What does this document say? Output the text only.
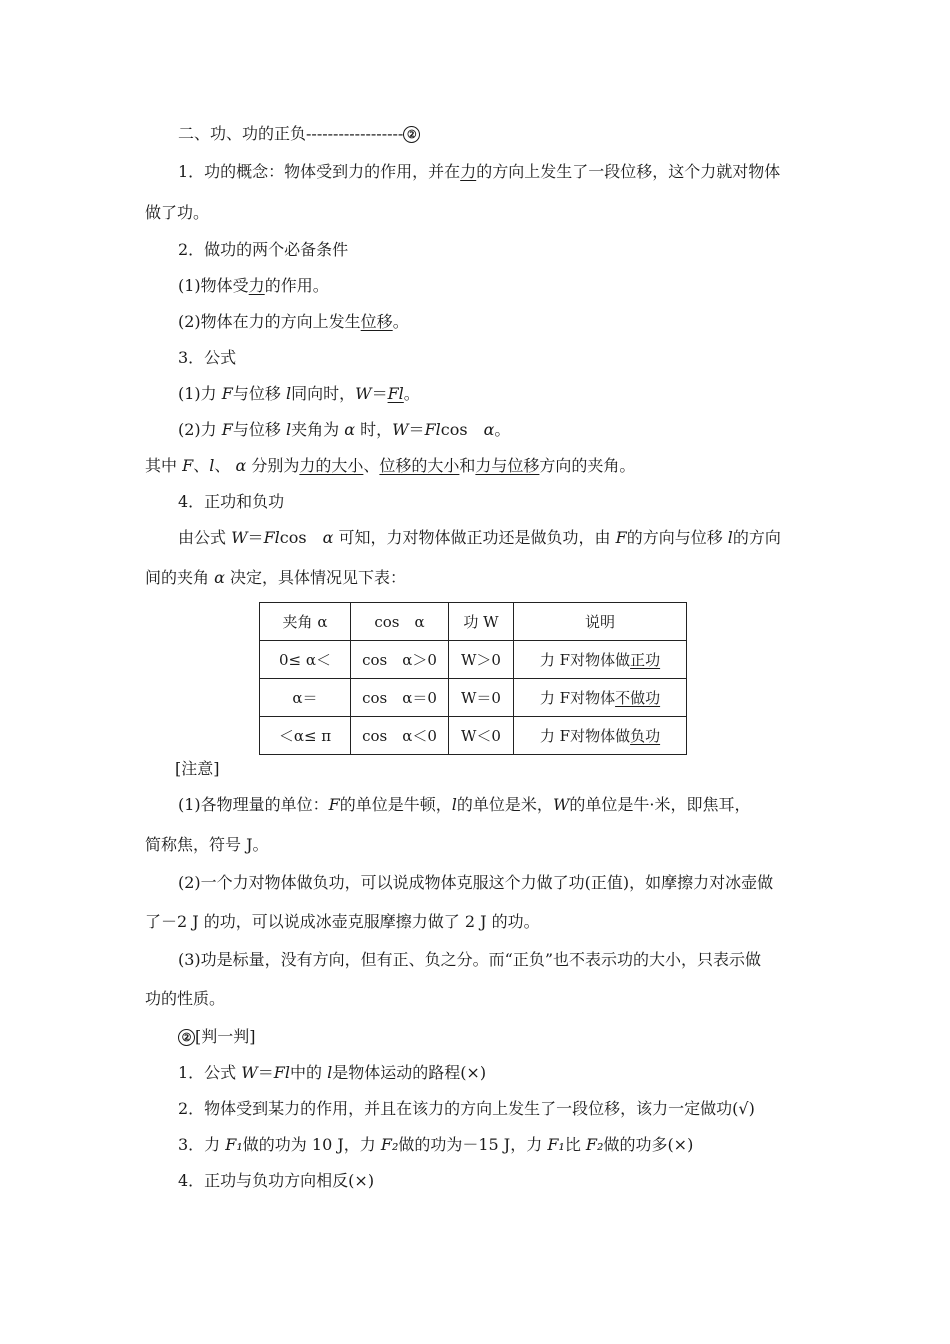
二、功、功的正负------------------ ②
1．功的概念：物体受到力的作用，并在力的方向上发生了一段位移，这个力就对物体
做了功。
2．做功的两个必备条件
(1)物体受力的作用。
(2)物体在力的方向上发生位移。
3．公式
(1)力 F与位移 l同向时，W＝Fl。
(2)力 F与位移 l夹角为 α 时，W＝Flcos　α。
其中 F、l、 α 分别为力的大小、位移的大小和力与位移方向的夹角。
4．正功和负功
由公式 W＝Flcos　α 可知，力对物体做正功还是做负功，由 F的方向与位移 l的方向
间的夹角 α 决定，具体情况见下表：
夹角 α	cos　α	功 W	说明
0≤ α＜	cos　α＞0	W＞0	力 F对物体做正功
α＝	cos　α＝0	W＝0	力 F对物体不做功
＜α≤ π	cos　α＜0	W＜0	力 F对物体做负功
[注意]
(1)各物理量的单位：F的单位是牛顿，l的单位是米，W的单位是牛·米，即焦耳，
简称焦，符号 J。
(2)一个力对物体做负功，可以说成物体克服这个力做了功(正值)，如摩擦力对冰壶做
了－2 J 的功，可以说成冰壶克服摩擦力做了 2 J 的功。
(3)功是标量，没有方向，但有正、负之分。而“正负”也不表示功的大小，只表示做
功的性质。
② [判一判]
1．公式 W＝Fl中的 l是物体运动的路程(×)
2．物体受到某力的作用，并且在该力的方向上发生了一段位移，该力一定做功(√)
3．力 F₁做的功为 10 J，力 F₂做的功为－15 J，力 F₁比 F₂做的功多(×)
4．正功与负功方向相反(×)
